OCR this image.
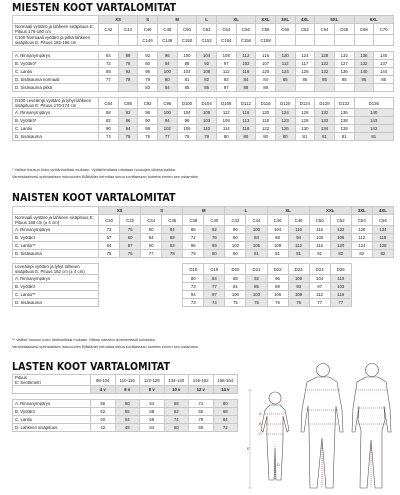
MIESTEN KOOT VARTALOMITAT
	XS		S	M		L	XL		XXL	3XL	4XL	5XL		6XL	
Normaali vyötärö ja lahkeen sisäpituus E: Pituus 176-180 cm	C42	C44	C46	C48	C50	C52	C54	C56	C58	C60	C62	C64	C66	C68	C70
C100 Normaali vyötärö ja pitkä lahkeen sisäpituus E: Pituus 182-186 cm			C146	C148	C150	C152	C154	C156	C158						

A. Rinnanympärys	84	88	92	96	100	104	108	112	116	120	124	128	132	136	140
B. Vyötärö*	72	76	80	84	88	92	97	102	107	112	117	122	127	132	137
C. Lantio	88	92	96	100	104	108	112	116	120	124	128	132	136	140	144
D. Sisäsauma normaali	77	78	79	80	81	82	83	84	84	85	85	85	85	85	85
D. Sisäsauma pitkä			83	84	85	86	87	88	88						

D100 Leveämpi vyötärö ja lyhyt lahkeen sisäpituus E: Pituus 170-174 cm	C84	C88	C92	C96	D100	D104	D108	D112	D116	D120	D124	D128	D132	D136	
A. Rinnanympärys	88	92	96	100	104	108	112	116	120	124	128	132	136	140	
B. Vyötärö*	82	86	90	94	98	103	108	113	118	123	128	133	138	143	
C. Lantio	90	94	98	102	106	110	114	118	122	126	130	134	138	142	
D. Sisäsauma	74	75	76	77	78	79	80	80	80	80	81	81	81	81	
* Valitse housun koko vyötärömittasi mukaan. Vyötärömittana mitataan housujen oikeaa paikka.
Varmistaaksesi optimaalisen istuvuuden Blåkläder kehottaa sinua sovittamaan tuotetta ennen sen ostamista.
NAISTEN KOOT VARTALOMITAT
	XS		S		M		L		XL		XXL		3XL	4XL
Normaali vyötärö ja lahkeen sisäpituus E: Pituus 168 cm (± 4 cm)	C30	C32	C34	C36	C38	C40	C42	C44	C46	C48	C50	C52	C54	C56
A. Rinnanympärys	73	76	80	84	88	92	96	100	104	110	116	122	128	134
B. Vyötärö	57	60	64	68	72	76	80	84	88	94	100	106	112	118
C. Lantio**	84	87	90	93	96	99	102	105	108	112	116	120	124	128
D. Sisäsauma	75	76	77	78	79	80	80	81	81	81	81	82	82	82

Leveämpi vyötärö ja lyhyt lahkeen sisäpituus E: Pituus 162 cm (± 4 cm)					D18	D19	D20	D21	D22	D23	D24	D25		
A. Rinnanympärys					80	84	88	92	96	100	104	110		
B. Vyötärö					73	77	81	85	89	93	97	103		
C. Lantio**					94	97	100	103	106	109	112	116		
D. Sisäsauma					73	74	75	75	76	76	77	77		
** Valitse housun koko lantiomittasi mukaan. Mittaa vartalon leveimmästä kohdasta.
Varmistaaksesi optimaalisen istuvuuden Blåkläder kehottaa sinua sovittamaan tuotetta ennen sen ostamista.
LASTEN KOOT VARTALOMITAT
Pituus
E: Senttimetri	98-104	110-116	122-128	134-140	146-152	158-164
	4 v	6 v	8 v	10 v	12 v	14 v

A. Rinnanympärys	56	60	64	68	74	80
B. Vyötärö	52	55	58	62	65	68
C. Lantio	60	64	69	74	79	84
D. Lahkeen sisäpituus	42	48	54	60	66	72
A
B
C
D
E
